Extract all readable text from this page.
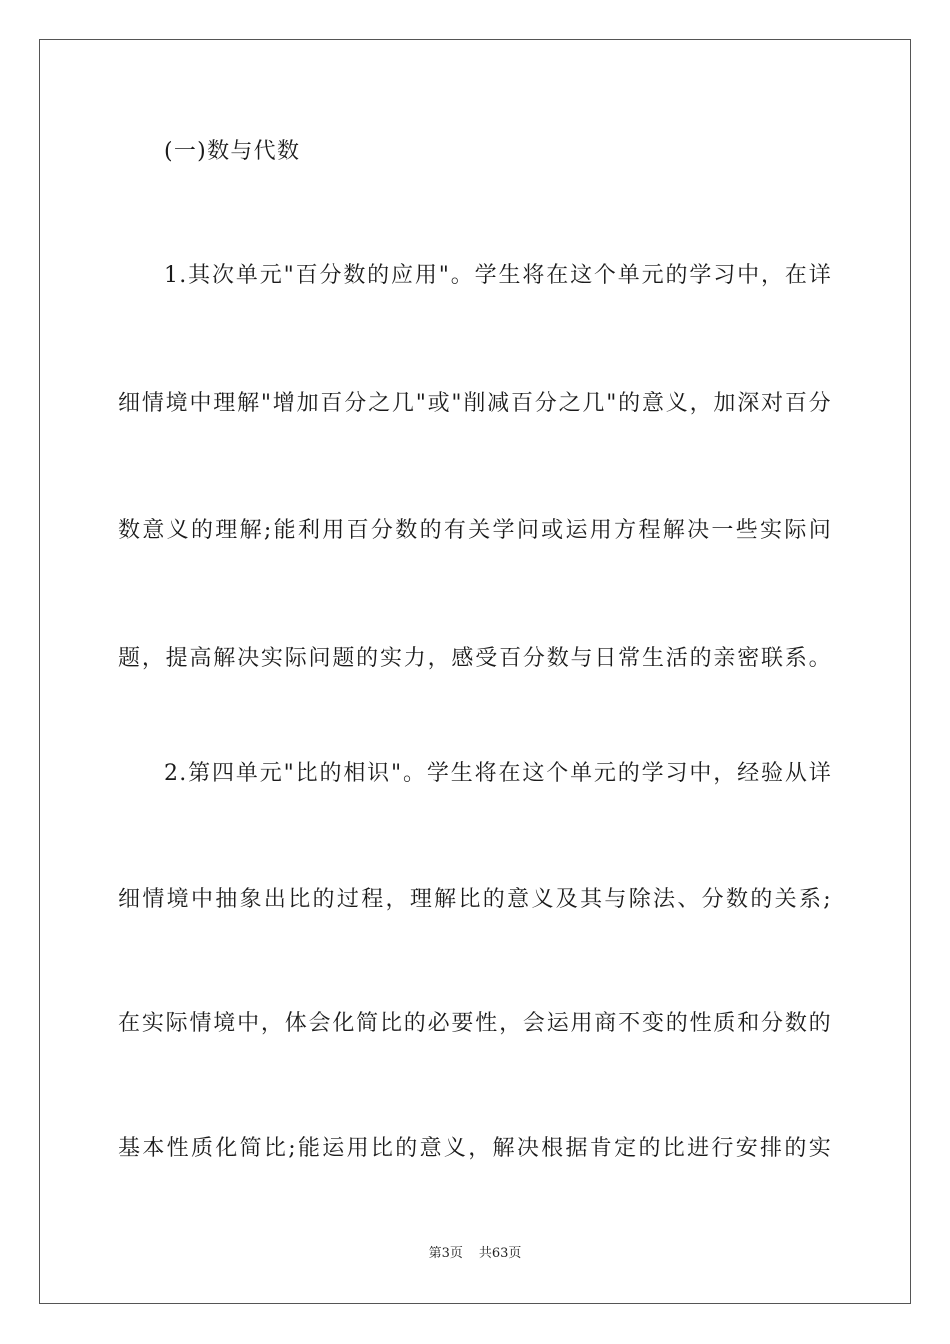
(一)数与代数
1.其次单元"百分数的应用"。学生将在这个单元的学习中，在详
细情境中理解"增加百分之几"或"削减百分之几"的意义，加深对百分
数意义的理解;能利用百分数的有关学问或运用方程解决一些实际问
题，提高解决实际问题的实力，感受百分数与日常生活的亲密联系。
2.第四单元"比的相识"。学生将在这个单元的学习中，经验从详
细情境中抽象出比的过程，理解比的意义及其与除法、分数的关系;
在实际情境中，体会化简比的必要性，会运用商不变的性质和分数的
基本性质化简比;能运用比的意义，解决根据肯定的比进行安排的实
第3页 共63页
